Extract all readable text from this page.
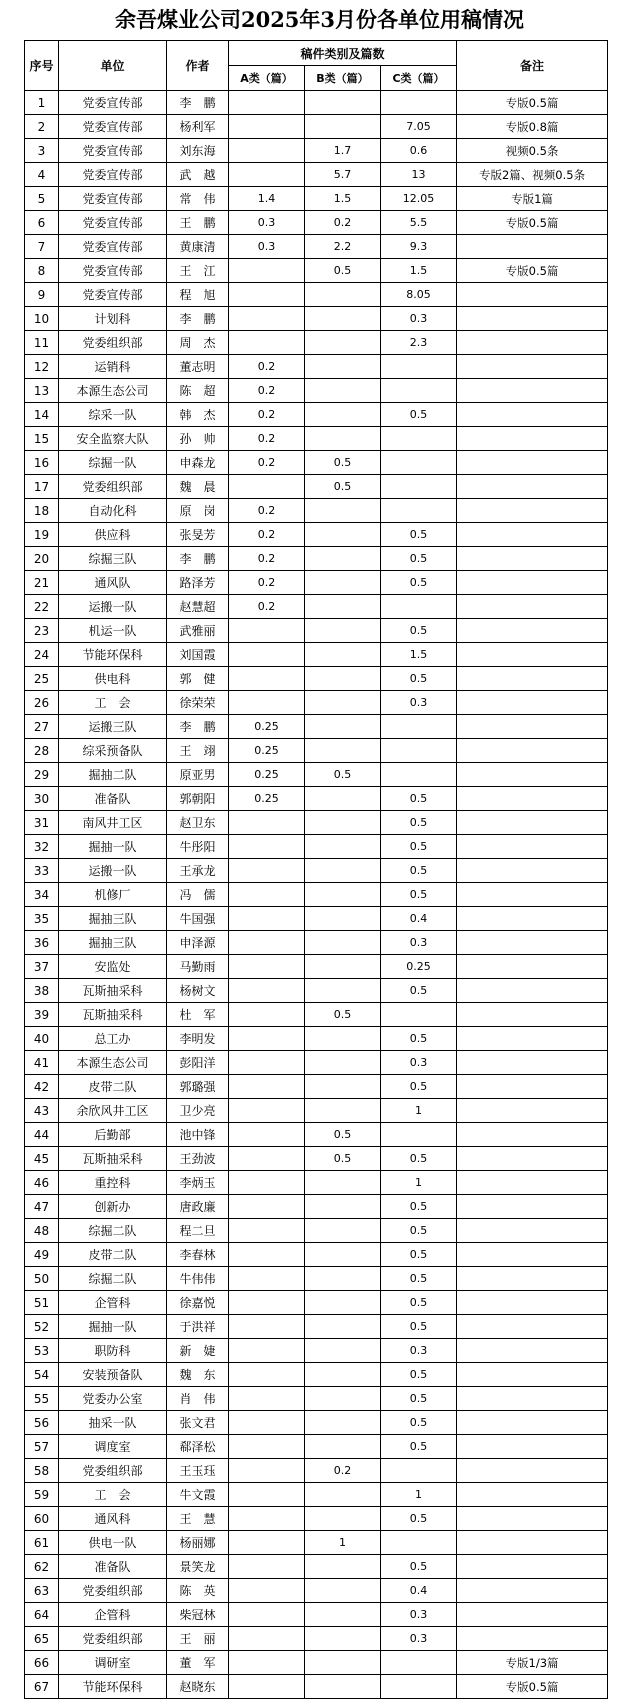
余吾煤业公司2025年3月份各单位用稿情况
序号	单位	作者	稿件类别及篇数			备注
			A类（篇）	B类（篇）	C类（篇）	
1	党委宣传部	李　鹏				专版0.5篇
2	党委宣传部	杨利军			7.05	专版0.8篇
3	党委宣传部	刘东海		1.7	0.6	视频0.5条
4	党委宣传部	武　越		5.7	13	专版2篇、视频0.5条
5	党委宣传部	常　伟	1.4	1.5	12.05	专版1篇
6	党委宣传部	王　鹏	0.3	0.2	5.5	专版0.5篇
7	党委宣传部	黄康清	0.3	2.2	9.3	
8	党委宣传部	王　江		0.5	1.5	专版0.5篇
9	党委宣传部	程　旭			8.05	
10	计划科	李　鹏			0.3	
11	党委组织部	周　杰			2.3	
12	运销科	董志明	0.2			
13	本源生态公司	陈　超	0.2			
14	综采一队	韩　杰	0.2		0.5	
15	安全监察大队	孙　帅	0.2			
16	综掘一队	申森龙	0.2	0.5		
17	党委组织部	魏　晨		0.5		
18	自动化科	原　岗	0.2			
19	供应科	张旻芳	0.2		0.5	
20	综掘三队	李　鹏	0.2		0.5	
21	通风队	路泽芳	0.2		0.5	
22	运搬一队	赵慧超	0.2			
23	机运一队	武雅丽			0.5	
24	节能环保科	刘国霞			1.5	
25	供电科	郭　健			0.5	
26	工　会	徐荣荣			0.3	
27	运搬三队	李　鹏	0.25			
28	综采预备队	王　翊	0.25			
29	掘抽二队	原亚男	0.25	0.5		
30	准备队	郭朝阳	0.25		0.5	
31	南风井工区	赵卫东			0.5	
32	掘抽一队	牛彤阳			0.5	
33	运搬一队	王承龙			0.5	
34	机修厂	冯　儒			0.5	
35	掘抽三队	牛国强			0.4	
36	掘抽三队	申泽源			0.3	
37	安监处	马勤雨			0.25	
38	瓦斯抽采科	杨树文			0.5	
39	瓦斯抽采科	杜　军		0.5		
40	总工办	李明发			0.5	
41	本源生态公司	彭阳洋			0.3	
42	皮带二队	郭璐强			0.5	
43	余欣风井工区	卫少亮			1	
44	后勤部	池中锋		0.5		
45	瓦斯抽采科	王劲波		0.5	0.5	
46	重控科	李炳玉			1	
47	创新办	唐政廉			0.5	
48	综掘二队	程二旦			0.5	
49	皮带二队	李春林			0.5	
50	综掘二队	牛伟伟			0.5	
51	企管科	徐嘉悦			0.5	
52	掘抽一队	于洪祥			0.5	
53	职防科	新　婕			0.3	
54	安装预备队	魏　东			0.5	
55	党委办公室	肖　伟			0.5	
56	抽采一队	张文君			0.5	
57	调度室	郗泽松			0.5	
58	党委组织部	王玉珏		0.2		
59	工　会	牛文霞			1	
60	通风科	王　慧			0.5	
61	供电一队	杨丽娜		1		
62	准备队	景笑龙			0.5	
63	党委组织部	陈　英			0.4	
64	企管科	柴冠林			0.3	
65	党委组织部	王　丽			0.3	
66	调研室	董　军				专版1/3篇
67	节能环保科	赵晓东				专版0.5篇
